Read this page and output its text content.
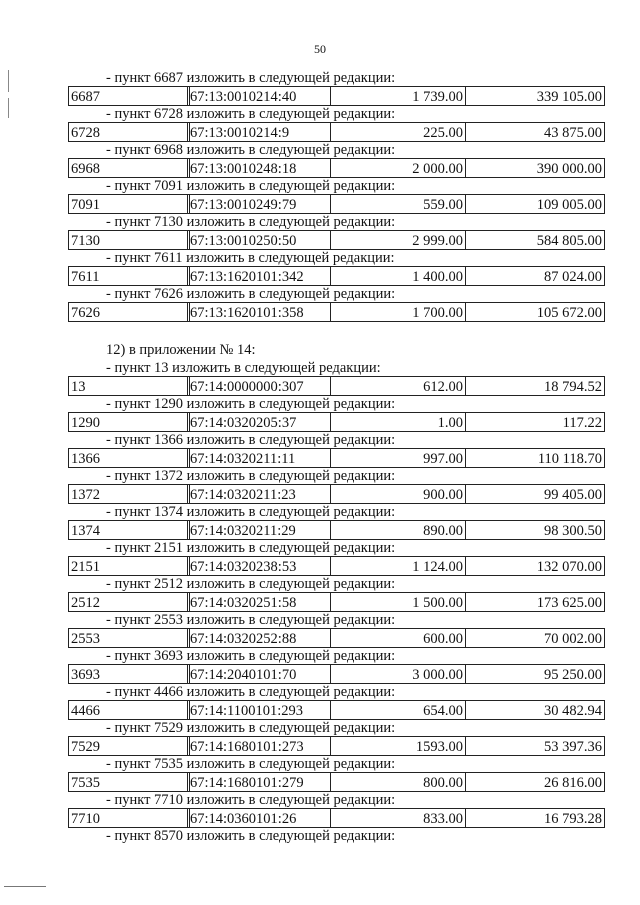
50
- пункт 6687 изложить в следующей редакции:
6687	67:13:0010214:40	1 739.00	339 105.00
- пункт 6728 изложить в следующей редакции:
6728	67:13:0010214:9	225.00	43 875.00
- пункт 6968 изложить в следующей редакции:
6968	67:13:0010248:18	2 000.00	390 000.00
- пункт 7091 изложить в следующей редакции:
7091	67:13:0010249:79	559.00	109 005.00
- пункт 7130 изложить в следующей редакции:
7130	67:13:0010250:50	2 999.00	584 805.00
- пункт 7611 изложить в следующей редакции:
7611	67:13:1620101:342	1 400.00	87 024.00
- пункт 7626 изложить в следующей редакции:
7626	67:13:1620101:358	1 700.00	105 672.00
12) в приложении № 14:
- пункт 13 изложить в следующей редакции:
13	67:14:0000000:307	612.00	18 794.52
- пункт 1290 изложить в следующей редакции:
1290	67:14:0320205:37	1.00	117.22
- пункт 1366 изложить в следующей редакции:
1366	67:14:0320211:11	997.00	110 118.70
- пункт 1372 изложить в следующей редакции:
1372	67:14:0320211:23	900.00	99 405.00
- пункт 1374 изложить в следующей редакции:
1374	67:14:0320211:29	890.00	98 300.50
- пункт 2151 изложить в следующей редакции:
2151	67:14:0320238:53	1 124.00	132 070.00
- пункт 2512 изложить в следующей редакции:
2512	67:14:0320251:58	1 500.00	173 625.00
- пункт 2553 изложить в следующей редакции:
2553	67:14:0320252:88	600.00	70 002.00
- пункт 3693 изложить в следующей редакции:
3693	67:14:2040101:70	3 000.00	95 250.00
- пункт 4466 изложить в следующей редакции:
4466	67:14:1100101:293	654.00	30 482.94
- пункт 7529 изложить в следующей редакции:
7529	67:14:1680101:273	1593.00	53 397.36
- пункт 7535 изложить в следующей редакции:
7535	67:14:1680101:279	800.00	26 816.00
- пункт 7710 изложить в следующей редакции:
7710	67:14:0360101:26	833.00	16 793.28
- пункт 8570 изложить в следующей редакции:
